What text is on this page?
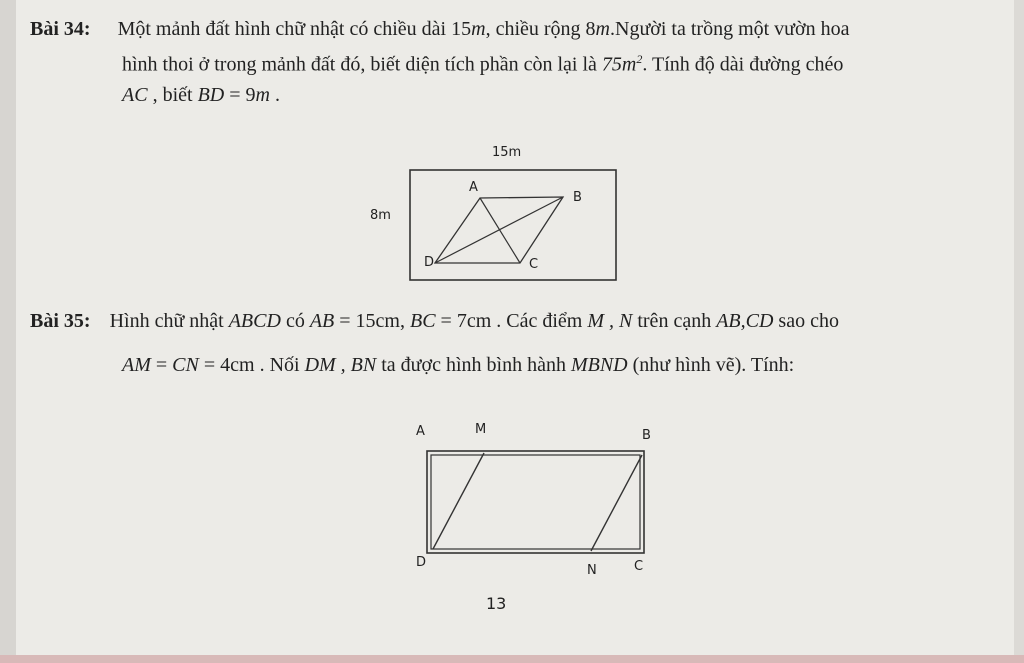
Bài 34: Một mảnh đất hình chữ nhật có chiều dài 15m, chiều rộng 8m.Người ta trồng một vườn hoa
hình thoi ở trong mảnh đất đó, biết diện tích phần còn lại là $75m^2$. Tính độ dài đường chéo
AC , biết BD = 9m .
Bài 35: Hình chữ nhật ABCD có AB = 15cm, BC = 7cm . Các điểm M , N trên cạnh AB,CD sao cho
AM = CN = 4cm . Nối DM , BN ta được hình bình hành MBND (như hình vẽ). Tính:
15m
8m
A
B
C
D
A	M	B
D
N	C
13
